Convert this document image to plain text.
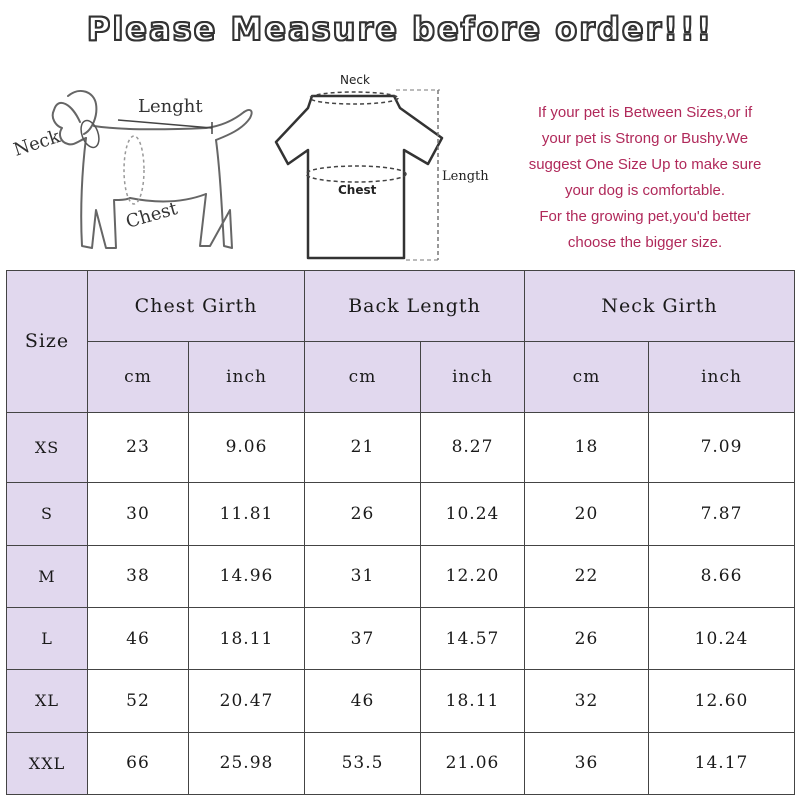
Please Measure before order!!!
Neck
Lenght
Chest
Neck
Chest
Length
If your pet is Between Sizes,or if
your pet is Strong or Bushy.We
suggest One Size Up to make sure
your dog is comfortable.
For the growing pet,you'd better
choose the bigger size.
Size	Chest Girth		Back Length		Neck Girth	
	cm	inch	cm	inch	cm	inch
XS	23	9.06	21	8.27	18	7.09
S	30	11.81	26	10.24	20	7.87
M	38	14.96	31	12.20	22	8.66
L	46	18.11	37	14.57	26	10.24
XL	52	20.47	46	18.11	32	12.60
XXL	66	25.98	53.5	21.06	36	14.17
